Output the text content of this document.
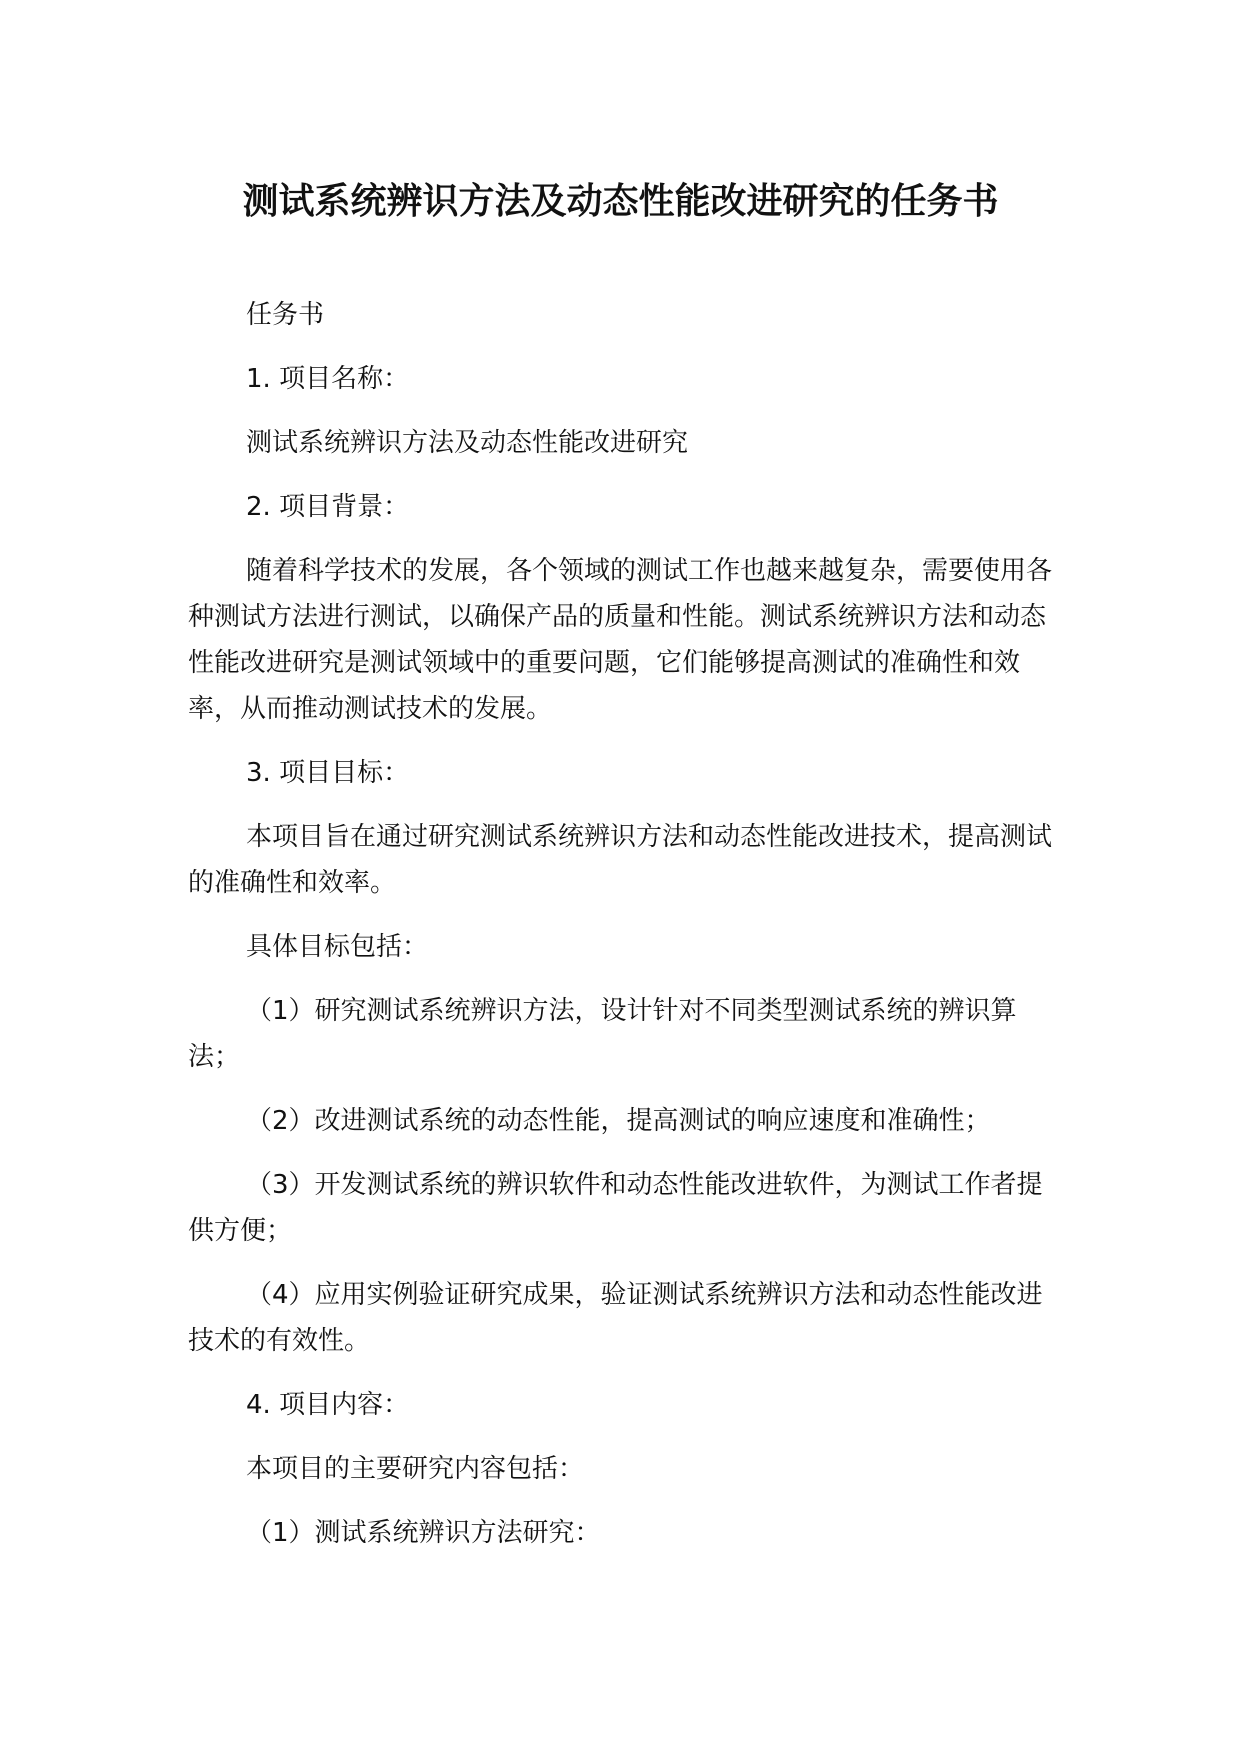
测试系统辨识方法及动态性能改进研究的任务书

任务书

1. 项目名称：

测试系统辨识方法及动态性能改进研究

2. 项目背景：

随着科学技术的发展，各个领域的测试工作也越来越复杂，需要使用各种测试方法进行测试，以确保产品的质量和性能。测试系统辨识方法和动态性能改进研究是测试领域中的重要问题，它们能够提高测试的准确性和效率，从而推动测试技术的发展。

3. 项目目标：

本项目旨在通过研究测试系统辨识方法和动态性能改进技术，提高测试的准确性和效率。

具体目标包括：

（1）研究测试系统辨识方法，设计针对不同类型测试系统的辨识算法；

（2）改进测试系统的动态性能，提高测试的响应速度和准确性；

（3）开发测试系统的辨识软件和动态性能改进软件，为测试工作者提供方便；

（4）应用实例验证研究成果，验证测试系统辨识方法和动态性能改进技术的有效性。

4. 项目内容：

本项目的主要研究内容包括：

（1）测试系统辨识方法研究：
